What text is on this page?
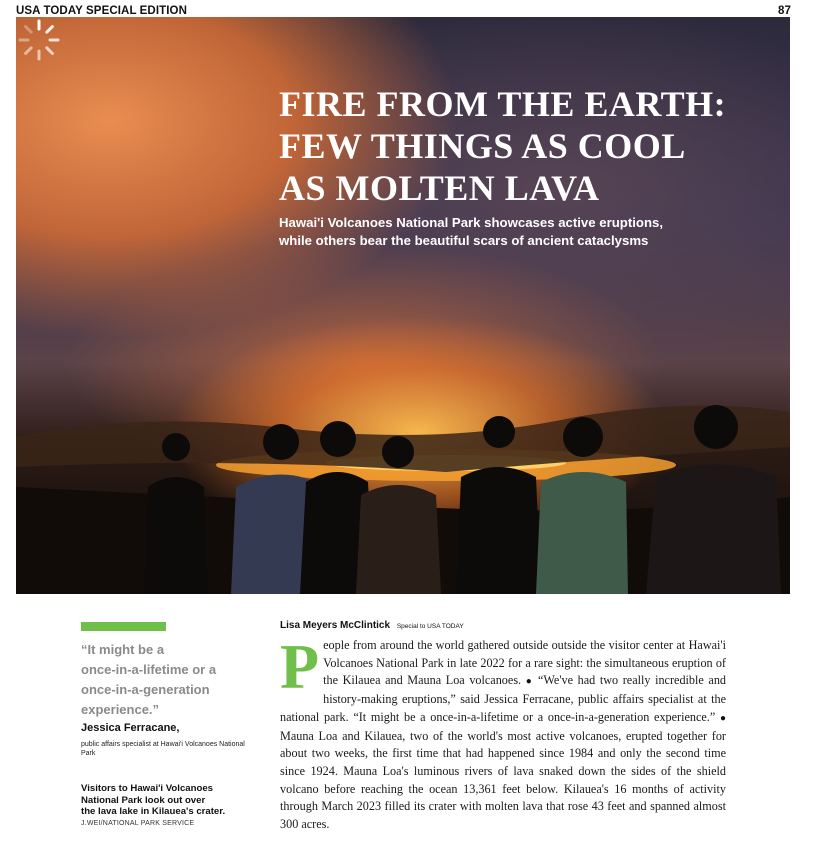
USA TODAY SPECIAL EDITION	87
FIRE FROM THE EARTH:
FEW THINGS AS COOL
AS MOLTEN LAVA
Hawai'i Volcanoes National Park showcases active eruptions,
while others bear the beautiful scars of ancient cataclysms
“It might be a
once-in-a-lifetime or a
once-in-a-generation
experience.”
Jessica Ferracane,
public affairs specialist at Hawai'i Volcanoes National Park
Visitors to Hawai'i Volcanoes
National Park look out over
the lava lake in Kilauea's crater.
J.WEI/NATIONAL PARK SERVICE
Lisa Meyers McClintick Special to USA TODAY
P eople from around the world gathered outside outside the visitor center at Hawai'i Volcanoes National Park in late 2022 for a rare sight: the simultaneous eruption of the Kilauea and Mauna Loa volcanoes. ● “We've had two really incredible and history-making eruptions,” said Jessica Ferracane, public affairs specialist at the national park. “It might be a once-in-a-lifetime or a once-in-a-generation experience.” ● Mauna Loa and Kilauea, two of the world's most active volcanoes, erupted together for about two weeks, the first time that had happened since 1984 and only the second time since 1924. Mauna Loa's luminous rivers of lava snaked down the sides of the shield volcano before reaching the ocean 13,361 feet below. Kilauea's 16 months of activity through March 2023 filled its crater with molten lava that rose 43 feet and spanned almost 300 acres.
